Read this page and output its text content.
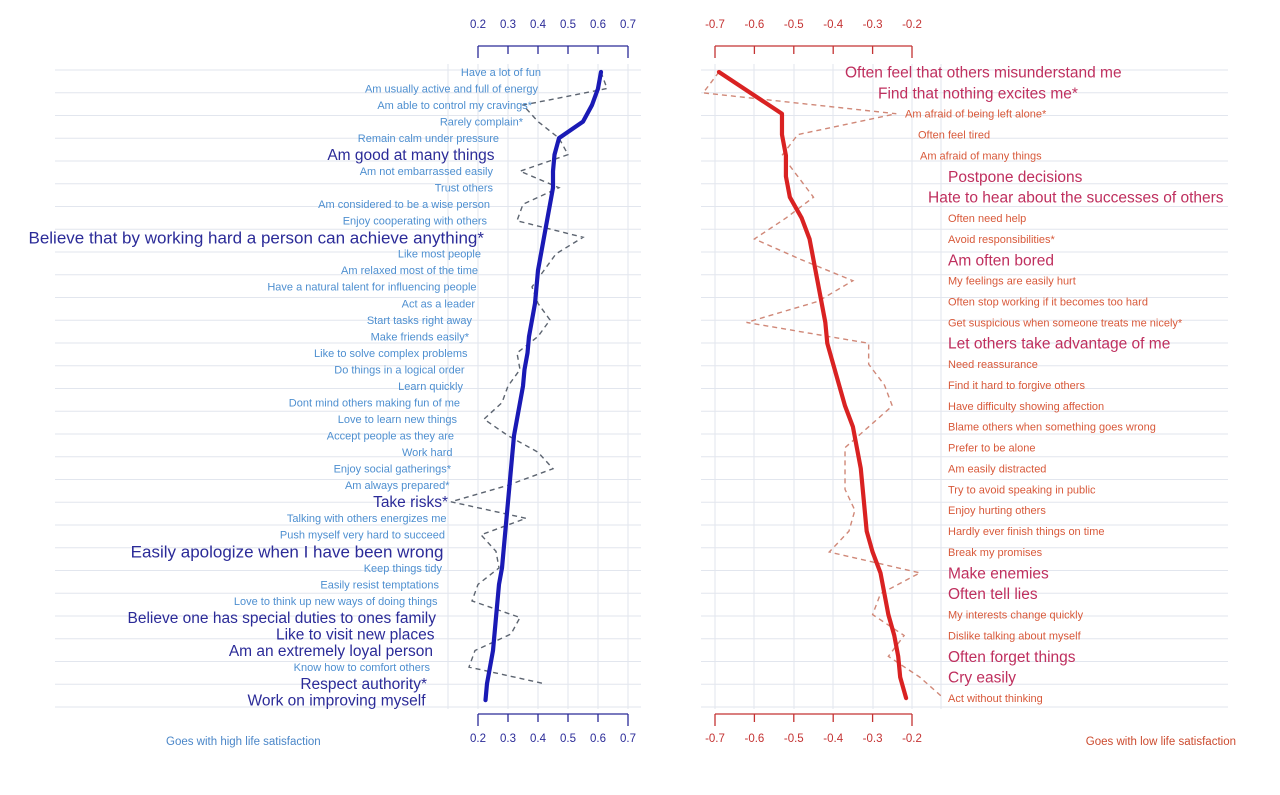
0.2 0.3 0.4 0.5 0.6 0.7
0.2 0.3 0.4 0.5 0.6 0.7
Have a lot of fun
Am usually active and full of energy
Am able to control my cravings*
Rarely complain*
Remain calm under pressure
Am good at many things
Am not embarrassed easily
Trust others
Am considered to be a wise person
Enjoy cooperating with others
Believe that by working hard a person can achieve anything*
Like most people
Am relaxed most of the time
Have a natural talent for influencing people
Act as a leader
Start tasks right away
Make friends easily*
Like to solve complex problems
Do things in a logical order
Learn quickly
Dont mind others making fun of me
Love to learn new things
Accept people as they are
Work hard
Enjoy social gatherings*
Am always prepared*
Take risks*
Talking with others energizes me
Push myself very hard to succeed
Easily apologize when I have been wrong
Keep things tidy
Easily resist temptations
Love to think up new ways of doing things
Believe one has special duties to ones family
Like to visit new places
Am an extremely loyal person
Know how to comfort others
Respect authority*
Work on improving myself
-0.7 -0.6 -0.5 -0.4 -0.3 -0.2
-0.7 -0.6 -0.5 -0.4 -0.3 -0.2
Often feel that others misunderstand me
Find that nothing excites me*
Am afraid of being left alone*
Often feel tired
Am afraid of many things
Postpone decisions
Hate to hear about the successes of others
Often need help
Avoid responsibilities*
Am often bored
My feelings are easily hurt
Often stop working if it becomes too hard
Get suspicious when someone treats me nicely*
Let others take advantage of me
Need reassurance
Find it hard to forgive others
Have difficulty showing affection
Blame others when something goes wrong
Prefer to be alone
Am easily distracted
Try to avoid speaking in public
Enjoy hurting others
Hardly ever finish things on time
Break my promises
Make enemies
Often tell lies
My interests change quickly
Dislike talking about myself
Often forget things
Cry easily
Act without thinking
Goes with high life satisfaction	Goes with low life satisfaction
